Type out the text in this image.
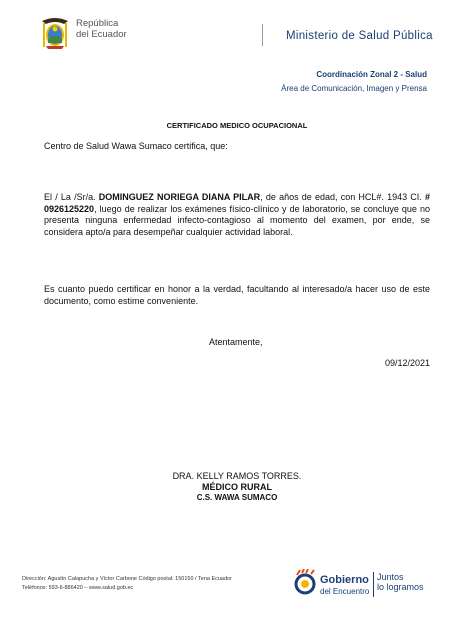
República
del Ecuador	Ministerio de Salud Pública
Coordinación Zonal 2 - Salud
Área de Comunicación, Imagen y Prensa
CERTIFICADO MEDICO OCUPACIONAL
Centro de Salud Wawa Sumaco certifica, que:
El / La /Sr/a. DOMINGUEZ NORIEGA DIANA PILAR, de años de edad, con HCL#. 1943 CI. # 0926125220, luego de realizar los exámenes físico-clínico y de laboratorio, se concluye que no presenta ninguna enfermedad infecto-contagioso al momento del examen, por ende, se considera apto/a para desempeñar cualquier actividad laboral.
Es cuanto puedo certificar en honor a la verdad, facultando al interesado/a hacer uso de este documento, como estime conveniente.
Atentamente,
09/12/2021
DRA. KELLY RAMOS TORRES.
MÉDICO RURAL
C.S. WAWA SUMACO
Dirección: Agustín Calapucha y Víctor Carbone Código postal: 150150 / Tena Ecuador
Teléfonos: 593-6-886420 – www.salud.gob.ec
Gobierno
del Encuentro
Juntos
lo logramos
